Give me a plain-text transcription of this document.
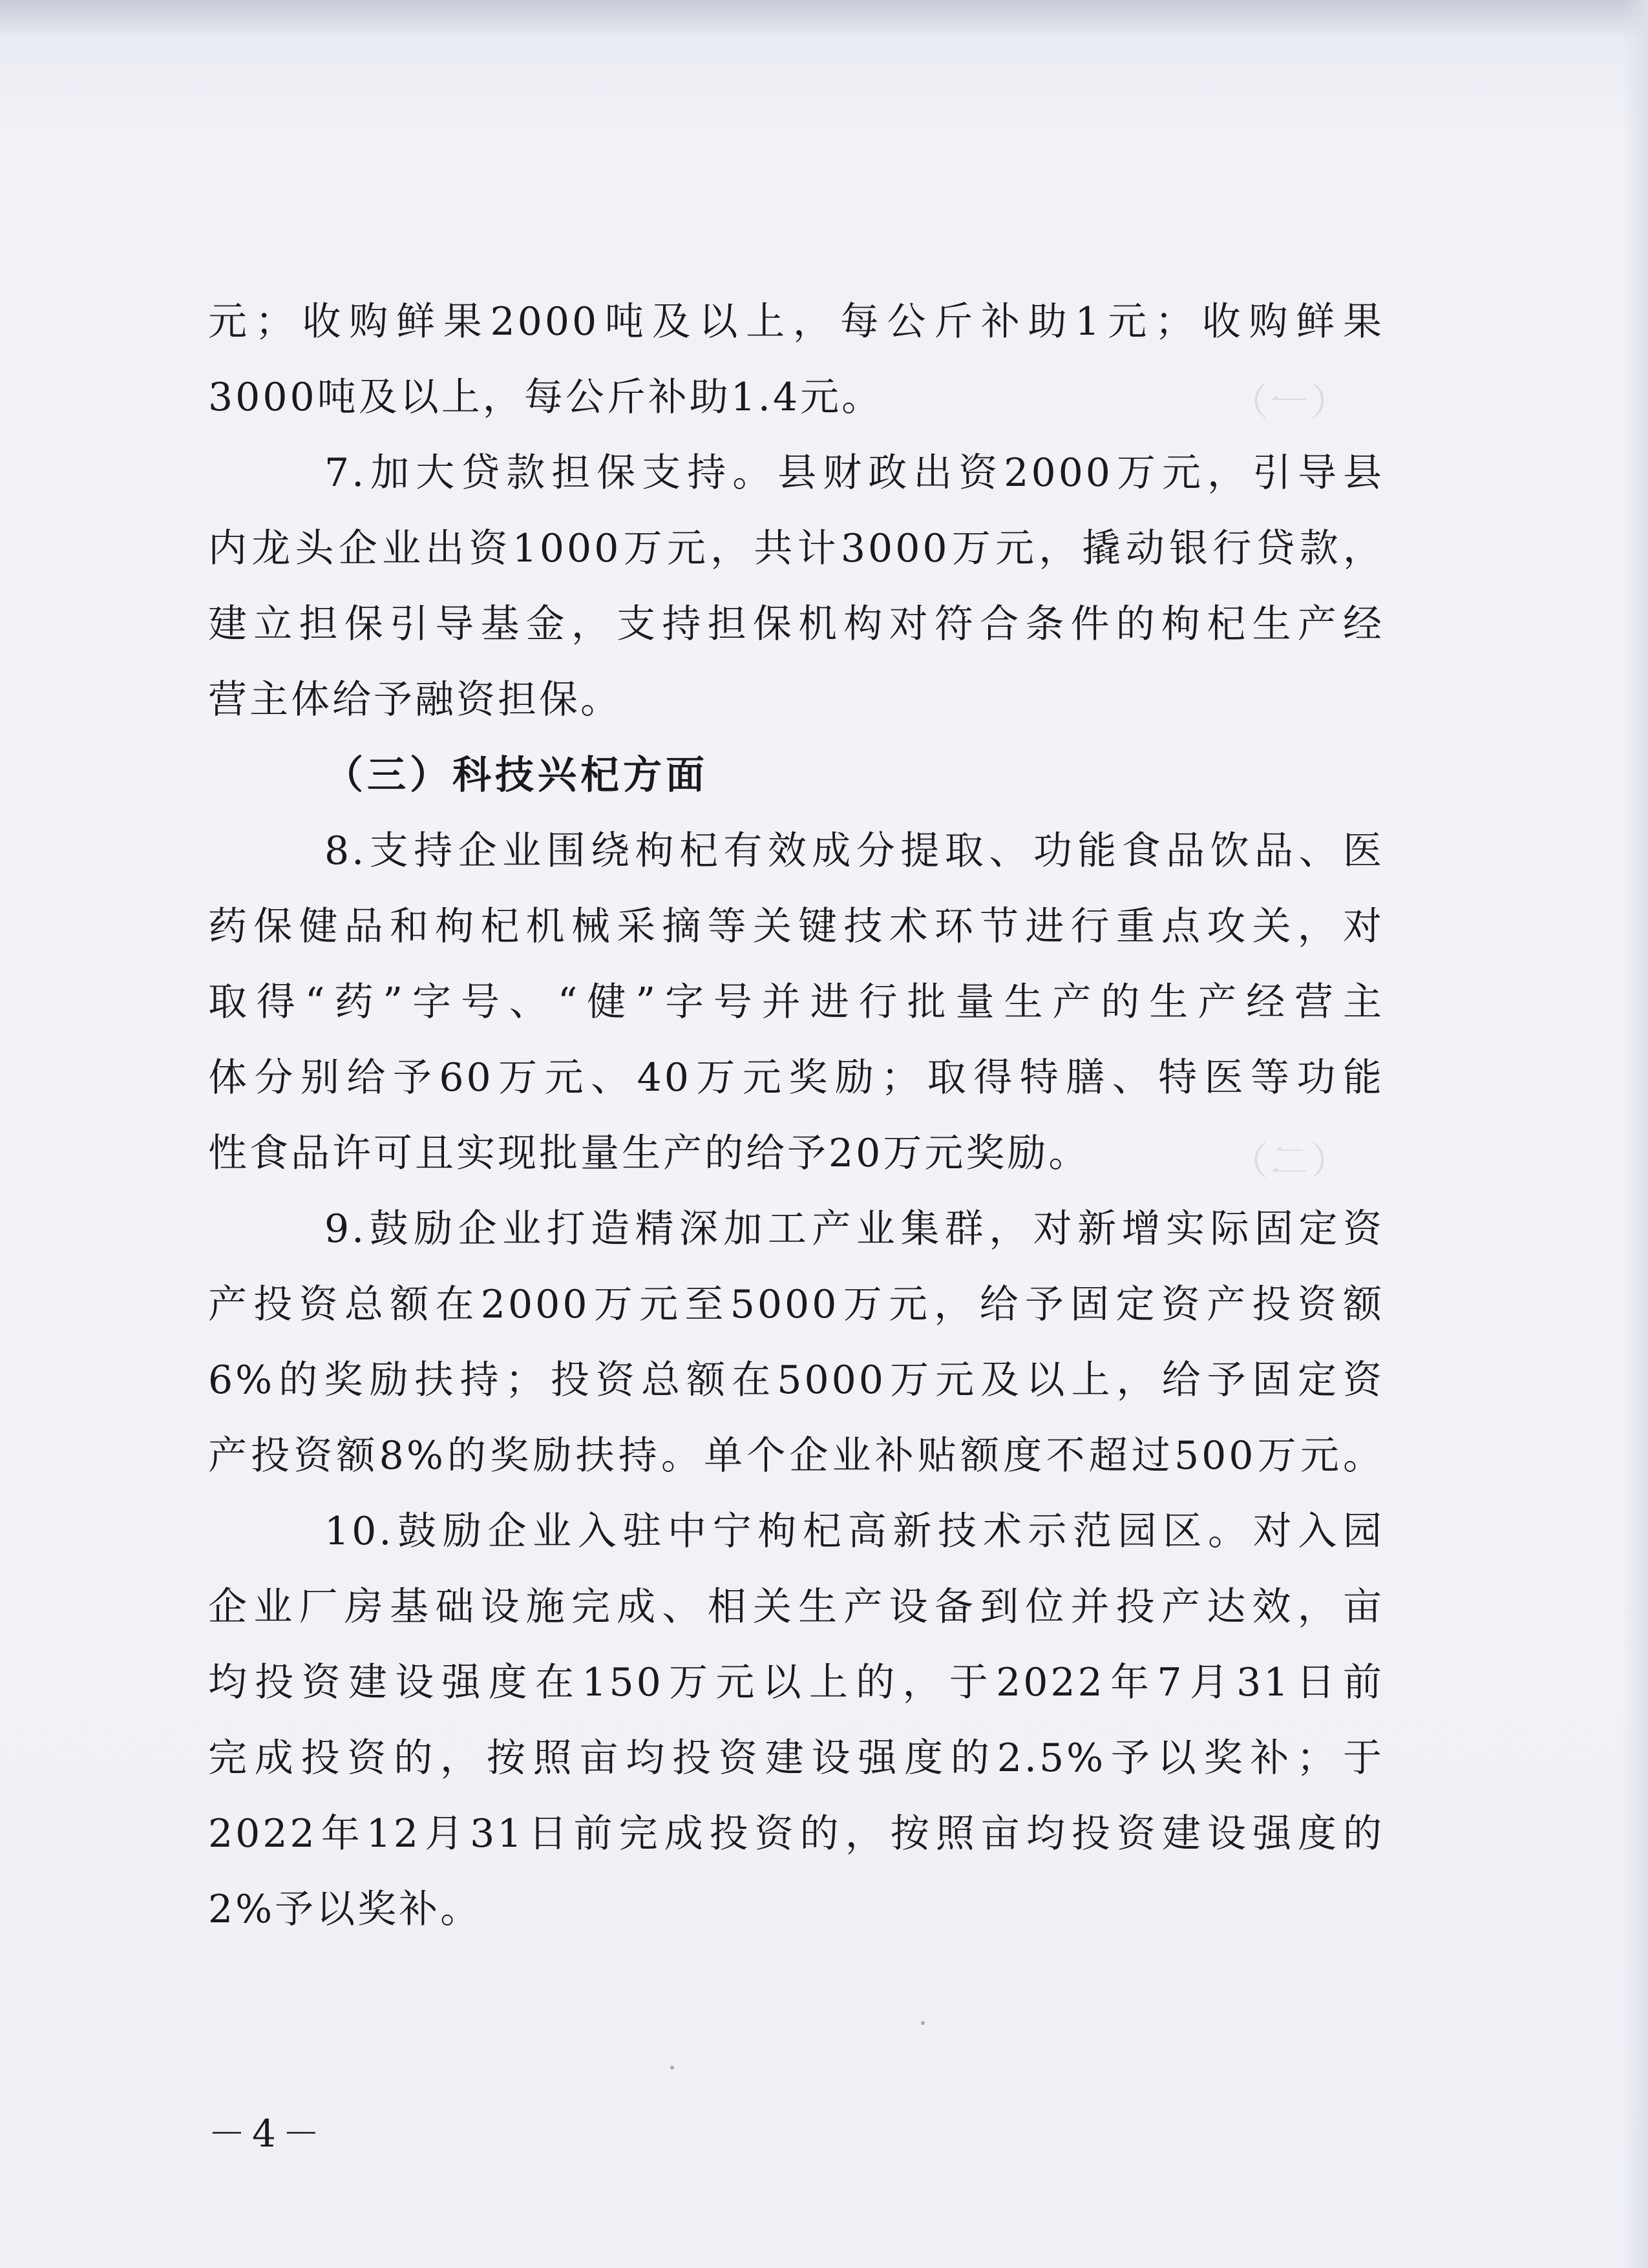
（一）
（二）
元；收购鲜果2000吨及以上，每公斤补助1元；收购鲜果
3000吨及以上，每公斤补助1.4元。
7.加大贷款担保支持。县财政出资2000万元，引导县
内龙头企业出资1000万元，共计3000万元，撬动银行贷款，
建立担保引导基金，支持担保机构对符合条件的枸杞生产经
营主体给予融资担保。
（三）科技兴杞方面
8.支持企业围绕枸杞有效成分提取、功能食品饮品、医
药保健品和枸杞机械采摘等关键技术环节进行重点攻关，对
取得“药”字号、“健”字号并进行批量生产的生产经营主
体分别给予60万元、40万元奖励；取得特膳、特医等功能
性食品许可且实现批量生产的给予20万元奖励。
9.鼓励企业打造精深加工产业集群，对新增实际固定资
产投资总额在2000万元至5000万元，给予固定资产投资额
6%的奖励扶持；投资总额在5000万元及以上，给予固定资
产投资额8%的奖励扶持。单个企业补贴额度不超过500万元。
10.鼓励企业入驻中宁枸杞高新技术示范园区。对入园
企业厂房基础设施完成、相关生产设备到位并投产达效，亩
均投资建设强度在150万元以上的，于2022年7月31日前
完成投资的，按照亩均投资建设强度的2.5%予以奖补；于
2022年12月31日前完成投资的，按照亩均投资建设强度的
2%予以奖补。
－4－
